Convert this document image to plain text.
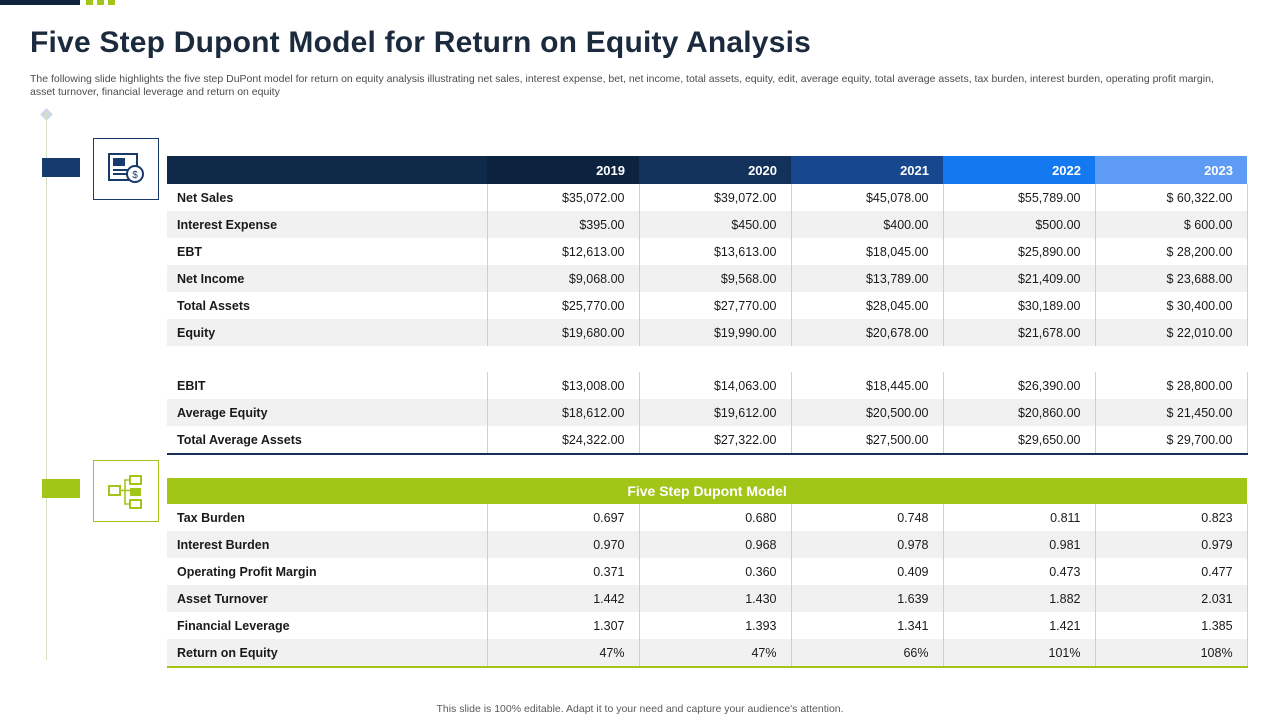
Five Step Dupont Model for Return on Equity Analysis
The following slide highlights the five step DuPont model for return on equity analysis illustrating net sales, interest expense, bet, net income, total assets, equity, edit, average equity, total average assets, tax burden, interest burden, operating profit margin, asset turnover, financial leverage and return on equity
$
		2019	2020	2021	2022	2023
Net Sales	$35,072.00	$39,072.00	$45,078.00	$55,789.00	$ 60,322.00
Interest Expense	$395.00	$450.00	$400.00	$500.00	$ 600.00
EBT	$12,613.00	$13,613.00	$18,045.00	$25,890.00	$ 28,200.00
Net Income	$9,068.00	$9,568.00	$13,789.00	$21,409.00	$ 23,688.00
Total Assets	$25,770.00	$27,770.00	$28,045.00	$30,189.00	$ 30,400.00
Equity	$19,680.00	$19,990.00	$20,678.00	$21,678.00	$ 22,010.00

EBIT	$13,008.00	$14,063.00	$18,445.00	$26,390.00	$ 28,800.00
Average Equity	$18,612.00	$19,612.00	$20,500.00	$20,860.00	$ 21,450.00
Total Average Assets	$24,322.00	$27,322.00	$27,500.00	$29,650.00	$ 29,700.00
Five Step Dupont Model					
Tax Burden	0.697	0.680	0.748	0.811	0.823
Interest Burden	0.970	0.968	0.978	0.981	0.979
Operating Profit Margin	0.371	0.360	0.409	0.473	0.477
Asset Turnover	1.442	1.430	1.639	1.882	2.031
Financial Leverage	1.307	1.393	1.341	1.421	1.385
Return on Equity	47%	47%	66%	101%	108%
This slide is 100% editable. Adapt it to your need and capture your audience's attention.
